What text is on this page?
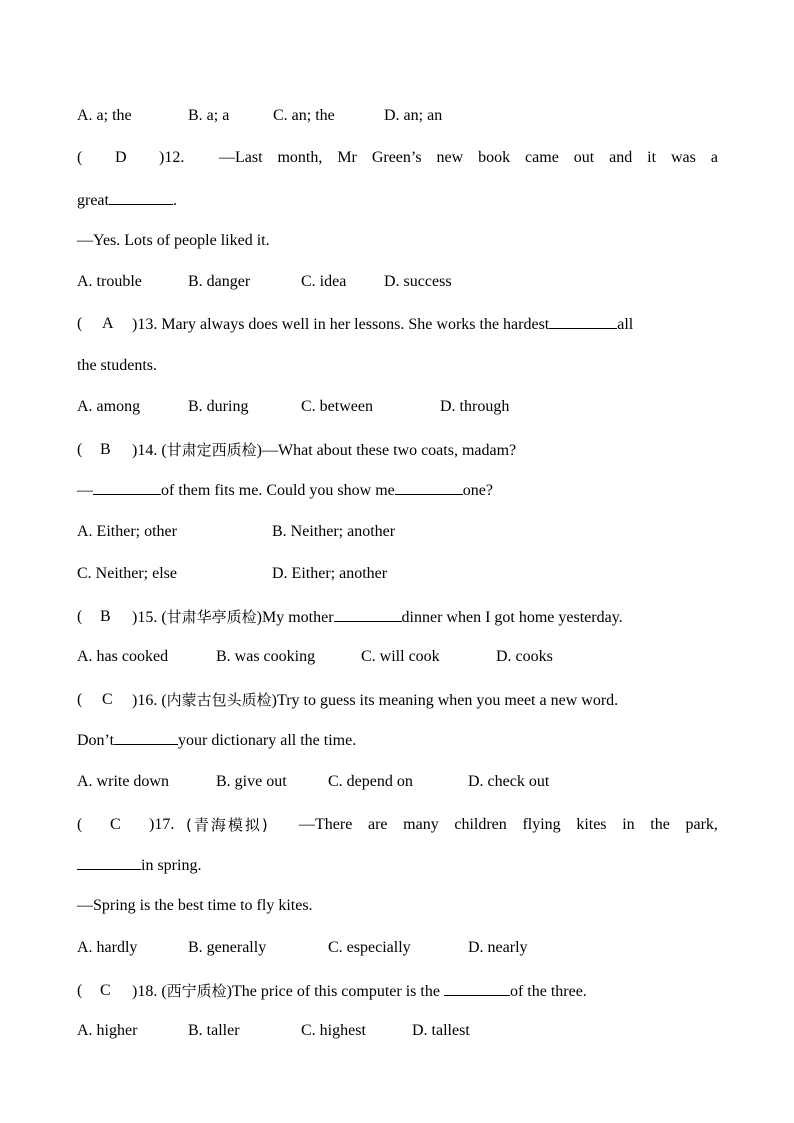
A. a; the	B. a; a	C. an; the	D. an; an
( D )12. —Last month, Mr Green’s new book came out and it was a
great	.
—Yes. Lots of people liked it.
A. trouble	B. danger	C. idea D. success
( A )13. Mary always does well in her lessons. She works the hardest	all
the students.
A. among	B. during	C. between	D. through
( B )14. (甘肃定西质检)—What about these two coats, madam?
—	of them fits me. Could you show me	one?
A. Either; other	B. Neither; another
C. Neither; else	D. Either; another
( B )15. (甘肃华亭质检)My mother	dinner when I got home yesterday.
A. has cooked	B. was cooking	C. will cook	D. cooks
( C )16. (内蒙古包头质检)Try to guess its meaning when you meet a new word.
Don’t	your dictionary all the time.
A. write down	B. give out	C. depend on	D. check out
( C )17. (青海模拟) —There are many children flying kites in the park,
in spring.
—Spring is the best time to fly kites.
A. hardly	B. generally	C. especially	D. nearly
( C )18. (西宁质检)The price of this computer is the	of the three.
A. higher	B. taller	C. highest	D. tallest
